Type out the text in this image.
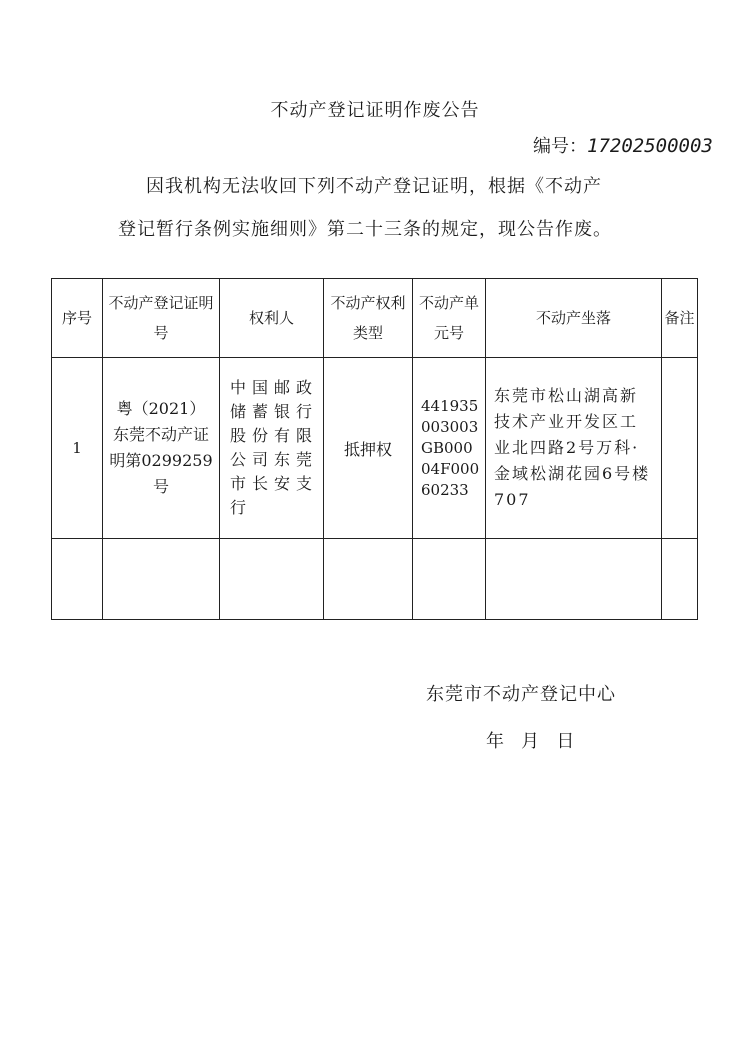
不动产登记证明作废公告
编号：17202500003
因我机构无法收回下列不动产登记证明，根据《不动产
登记暂行条例实施细则》第二十三条的规定，现公告作废。
序号	不动产登记证明号	权利人	不动产权利类型	不动产单元号	不动产坐落	备注
1	粤（2021）东莞不动产证明第0299259号	中国邮政储蓄银行股份有限公司东莞市长安支行	抵押权	441935003003GB00004F00060233	东莞市松山湖高新技术产业开发区工业北四路2号万科·金域松湖花园6号楼707	

东莞市不动产登记中心
年   月   日
